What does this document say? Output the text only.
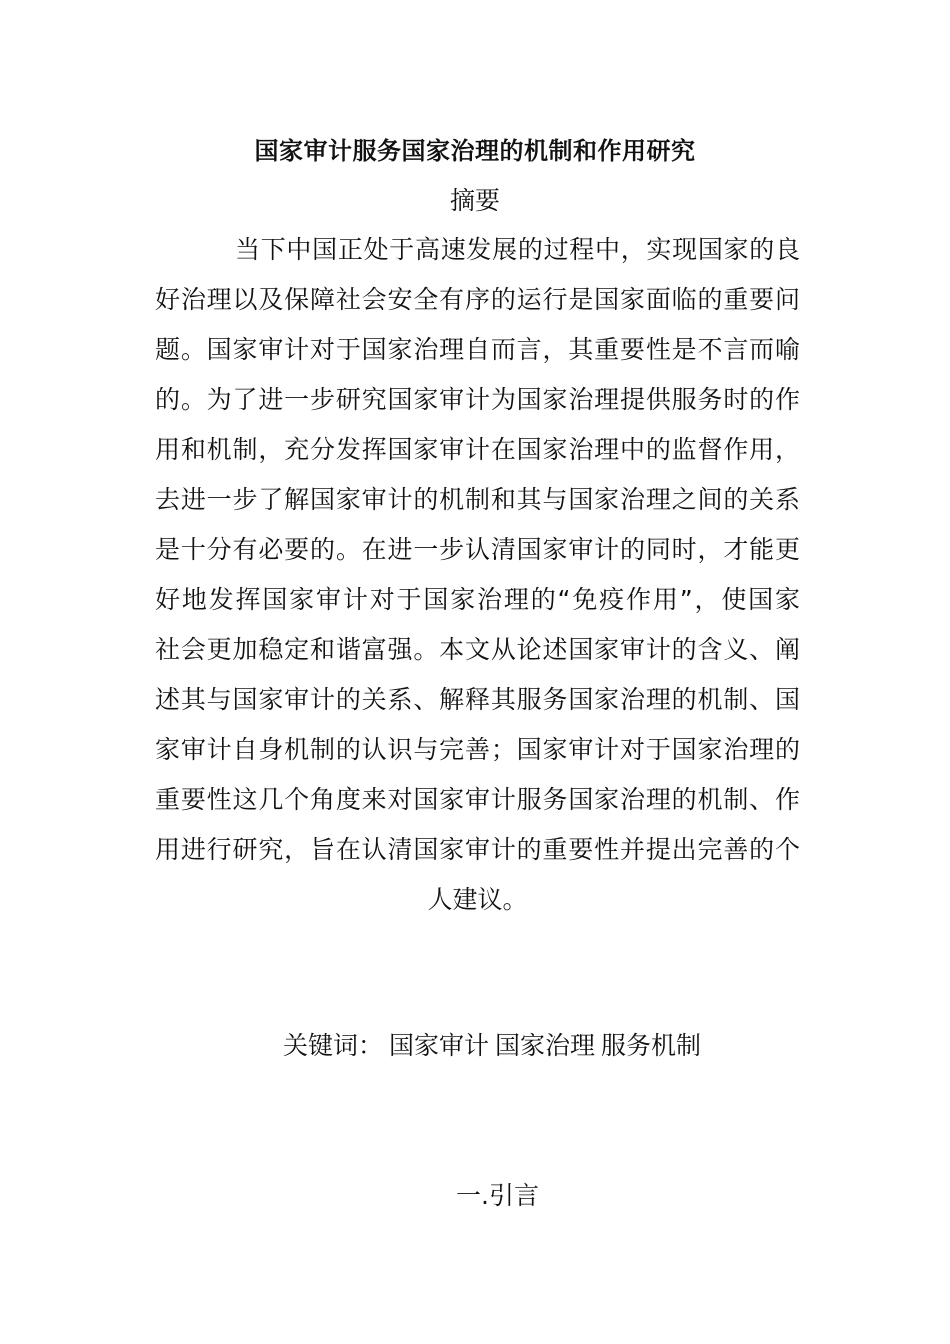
国家审计服务国家治理的机制和作用研究
摘要
当下中国正处于高速发展的过程中，实现国家的良
好治理以及保障社会安全有序的运行是国家面临的重要问
题。国家审计对于国家治理自而言，其重要性是不言而喻
的。为了进一步研究国家审计为国家治理提供服务时的作
用和机制，充分发挥国家审计在国家治理中的监督作用，
去进一步了解国家审计的机制和其与国家治理之间的关系
是十分有必要的。在进一步认清国家审计的同时，才能更
好地发挥国家审计对于国家治理的“免疫作用”，使国家
社会更加稳定和谐富强。本文从论述国家审计的含义、阐
述其与国家审计的关系、解释其服务国家治理的机制、国
家审计自身机制的认识与完善；国家审计对于国家治理的
重要性这几个角度来对国家审计服务国家治理的机制、作
用进行研究，旨在认清国家审计的重要性并提出完善的个
人建议。
关键词： 国家审计 国家治理 服务机制
一.引言
